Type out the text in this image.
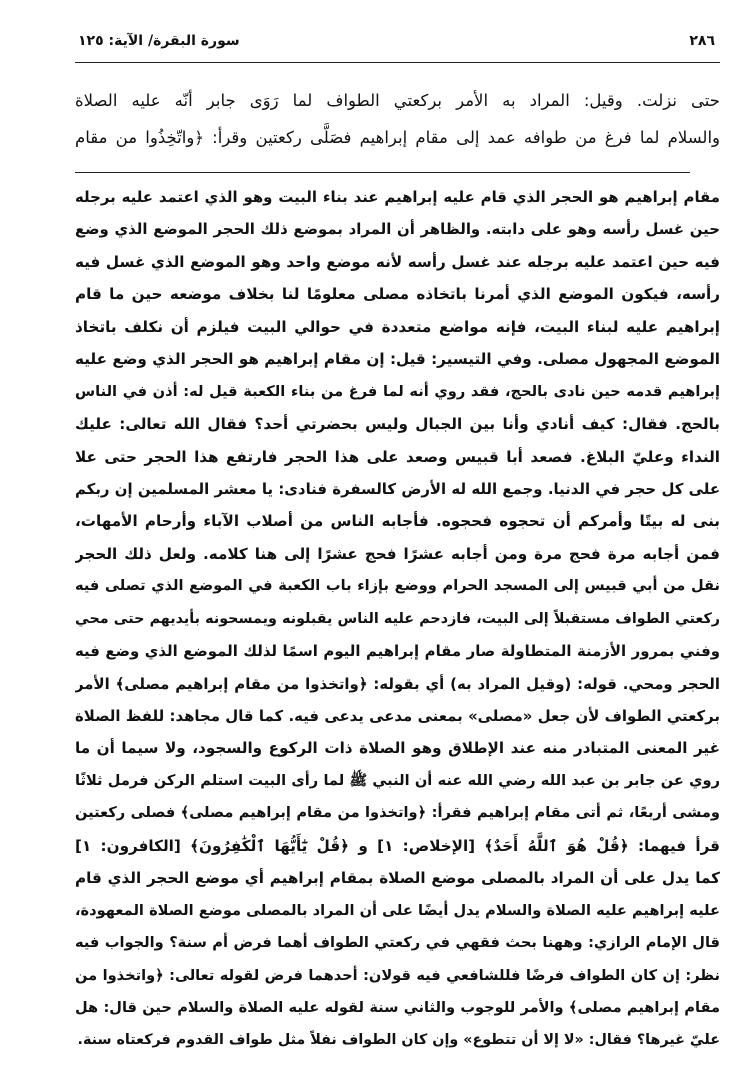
٢٨٦
سورة البقرة/ الآية: ١٢٥
حتى نزلت. وقيل: المراد به الأمر بركعتي الطواف لما رَوَى جابر أنّه عليه الصلاة
والسلام لما فرغ من طوافه عمد إلى مقام إبراهيم فصَلَّى ركعتين وقرأ: ﴿واتّخِذُوا من مقام
مقام إبراهيم هو الحجر الذي قام عليه إبراهيم عند بناء البيت وهو الذي اعتمد عليه برجله
حين غسل رأسه وهو على دابته. والظاهر أن المراد بموضع ذلك الحجر الموضع الذي وضع
فيه حين اعتمد عليه برجله عند غسل رأسه لأنه موضع واحد وهو الموضع الذي غسل فيه
رأسه، فيكون الموضع الذي أمرنا باتخاذه مصلى معلومًا لنا بخلاف موضعه حين ما قام
إبراهيم عليه لبناء البيت، فإنه مواضع متعددة في حوالي البيت فيلزم أن نكلف باتخاذ
الموضع المجهول مصلى. وفي التيسير: قيل: إن مقام إبراهيم هو الحجر الذي وضع عليه
إبراهيم قدمه حين نادى بالحج، فقد روي أنه لما فرغ من بناء الكعبة قيل له: أذن في الناس
بالحج. فقال: كيف أنادي وأنا بين الجبال وليس بحضرتي أحد؟ فقال الله تعالى: عليك
النداء وعليّ البلاغ. فصعد أبا قبيس وصعد على هذا الحجر فارتفع هذا الحجر حتى علا
على كل حجر في الدنيا. وجمع الله له الأرض كالسفرة فنادى: يا معشر المسلمين إن ربكم
بنى له بيتًا وأمركم أن تحجوه فحجوه. فأجابه الناس من أصلاب الآباء وأرحام الأمهات،
فمن أجابه مرة فحج مرة ومن أجابه عشرًا فحج عشرًا إلى هنا كلامه. ولعل ذلك الحجر
نقل من أبي قبيس إلى المسجد الحرام ووضع بإزاء باب الكعبة في الموضع الذي تصلى فيه
ركعتي الطواف مستقبلاً إلى البيت، فازدحم عليه الناس يقبلونه ويمسحونه بأيديهم حتى محي
وفني بمرور الأزمنة المتطاولة صار مقام إبراهيم اليوم اسمًا لذلك الموضع الذي وضع فيه
الحجر ومحي. قوله: (وقيل المراد به) أي بقوله: ﴿واتخذوا من مقام إبراهيم مصلى﴾ الأمر
بركعتي الطواف لأن جعل «مصلى» بمعنى مدعى يدعى فيه. كما قال مجاهد: للفظ الصلاة
غير المعنى المتبادر منه عند الإطلاق وهو الصلاة ذات الركوع والسجود، ولا سيما أن ما
روي عن جابر بن عبد الله رضي الله عنه أن النبي ﷺ لما رأى البيت استلم الركن فرمل ثلاثًا
ومشى أربعًا، ثم أتى مقام إبراهيم فقرأ: ﴿واتخذوا من مقام إبراهيم مصلى﴾ فصلى ركعتين
قرأ فيهما: ﴿قُلْ هُوَ ٱللَّهُ أَحَدٌ﴾ [الإخلاص: ١] و ﴿قُلْ يَٰٓأَيُّهَا ٱلْكَٰفِرُونَ﴾ [الكافرون: ١]
كما يدل على أن المراد بالمصلى موضع الصلاة بمقام إبراهيم أي موضع الحجر الذي قام
عليه إبراهيم عليه الصلاة والسلام يدل أيضًا على أن المراد بالمصلى موضع الصلاة المعهودة،
قال الإمام الرازي: وههنا بحث فقهي في ركعتي الطواف أهما فرض أم سنة؟ والجواب فيه
نظر: إن كان الطواف فرضًا فللشافعي فيه قولان: أحدهما فرض لقوله تعالى: ﴿واتخذوا من
مقام إبراهيم مصلى﴾ والأمر للوجوب والثاني سنة لقوله عليه الصلاة والسلام حين قال: هل
عليّ غيرها؟ فقال: «لا إلا أن تتطوع» وإن كان الطواف نفلاً مثل طواف القدوم فركعتاه سنة.
